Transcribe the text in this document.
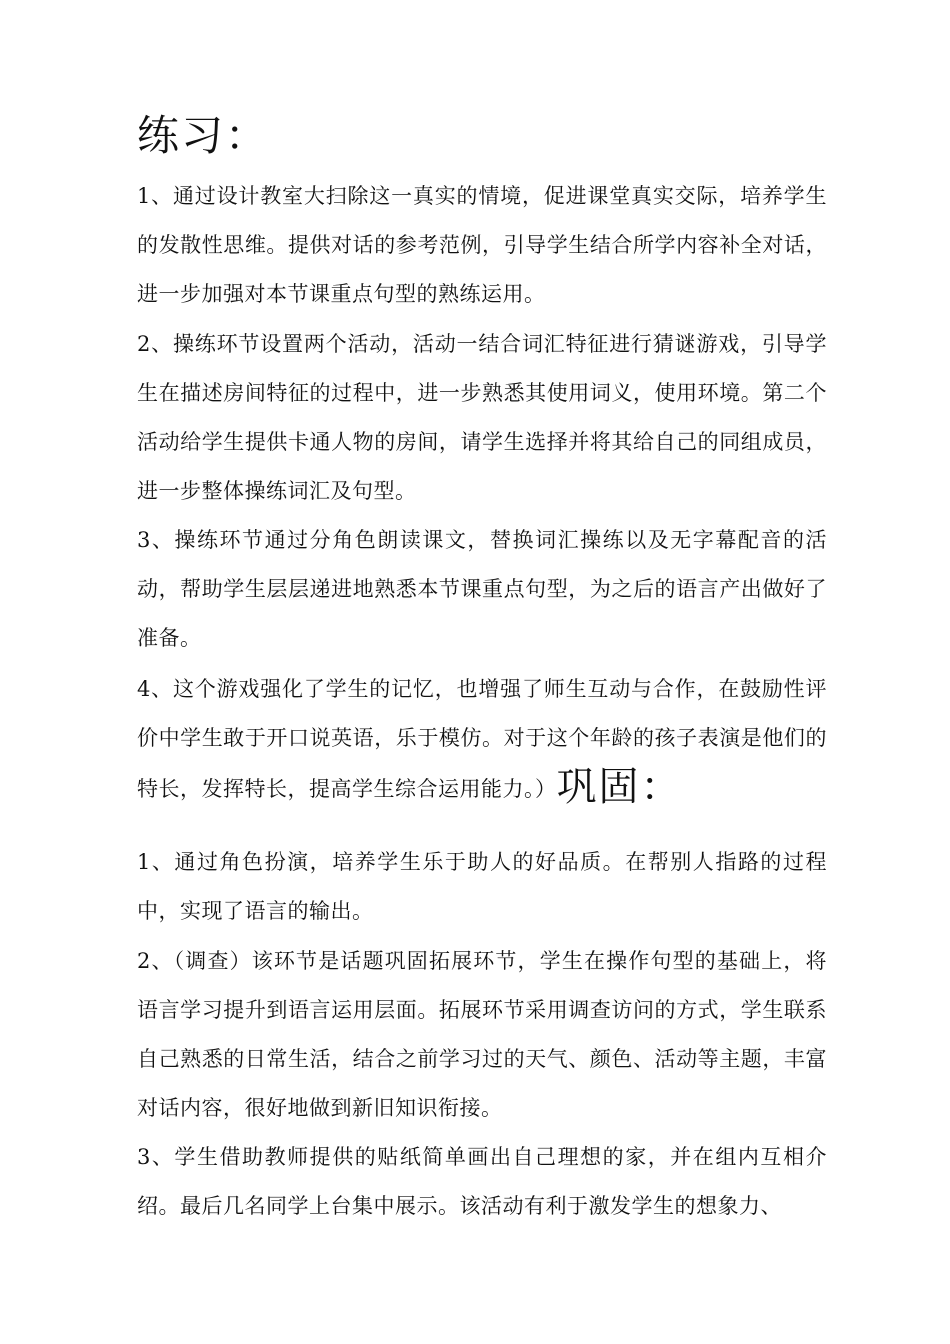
练习：

1、通过设计教室大扫除这一真实的情境，促进课堂真实交际，培养学生的发散性思维。提供对话的参考范例，引导学生结合所学内容补全对话，进一步加强对本节课重点句型的熟练运用。

2、操练环节设置两个活动，活动一结合词汇特征进行猜谜游戏，引导学生在描述房间特征的过程中，进一步熟悉其使用词义，使用环境。第二个活动给学生提供卡通人物的房间，请学生选择并将其给自己的同组成员，进一步整体操练词汇及句型。

3、操练环节通过分角色朗读课文，替换词汇操练以及无字幕配音的活动，帮助学生层层递进地熟悉本节课重点句型，为之后的语言产出做好了准备。

4、这个游戏强化了学生的记忆，也增强了师生互动与合作，在鼓励性评价中学生敢于开口说英语，乐于模仿。对于这个年龄的孩子表演是他们的特长，发挥特长，提高学生综合运用能力。）巩固：

1、通过角色扮演，培养学生乐于助人的好品质。在帮别人指路的过程中，实现了语言的输出。

2、（调查）该环节是话题巩固拓展环节，学生在操作句型的基础上，将语言学习提升到语言运用层面。拓展环节采用调查访问的方式，学生联系自己熟悉的日常生活，结合之前学习过的天气、颜色、活动等主题，丰富对话内容，很好地做到新旧知识衔接。

3、学生借助教师提供的贴纸简单画出自己理想的家，并在组内互相介绍。最后几名同学上台集中展示。该活动有利于激发学生的想象力、
